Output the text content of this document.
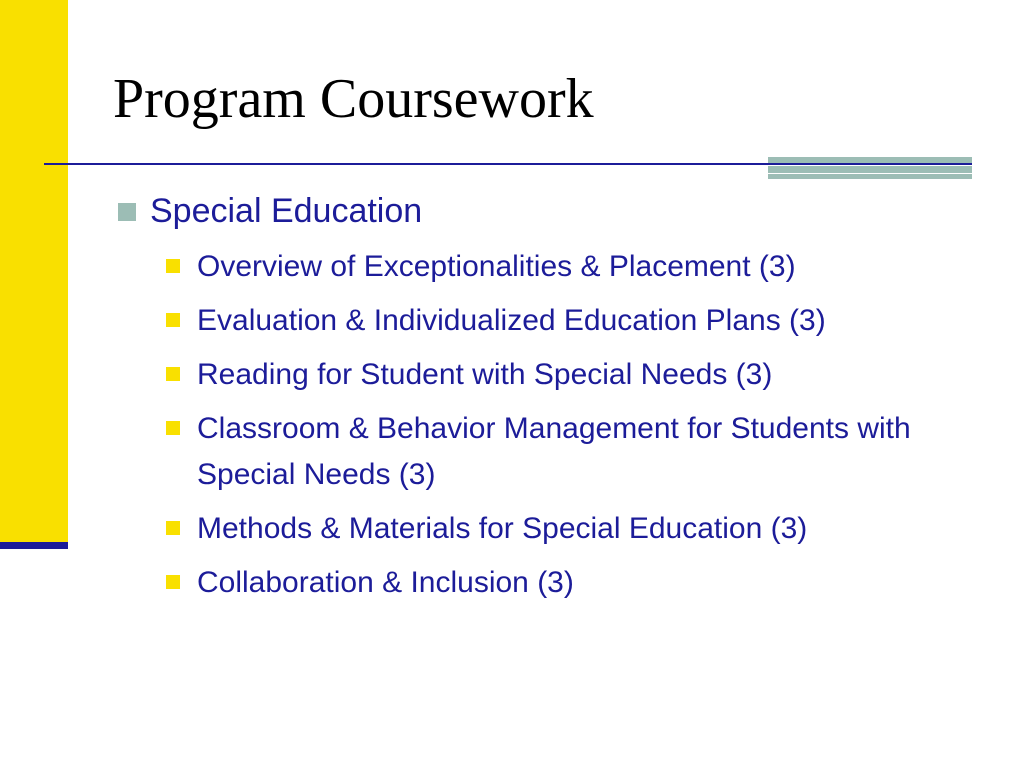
Program Coursework
Special Education
Overview of Exceptionalities & Placement (3)
Evaluation & Individualized Education Plans (3)
Reading for Student with Special Needs (3)
Classroom & Behavior Management for Students with Special Needs (3)
Methods & Materials for Special Education (3)
Collaboration & Inclusion (3)
